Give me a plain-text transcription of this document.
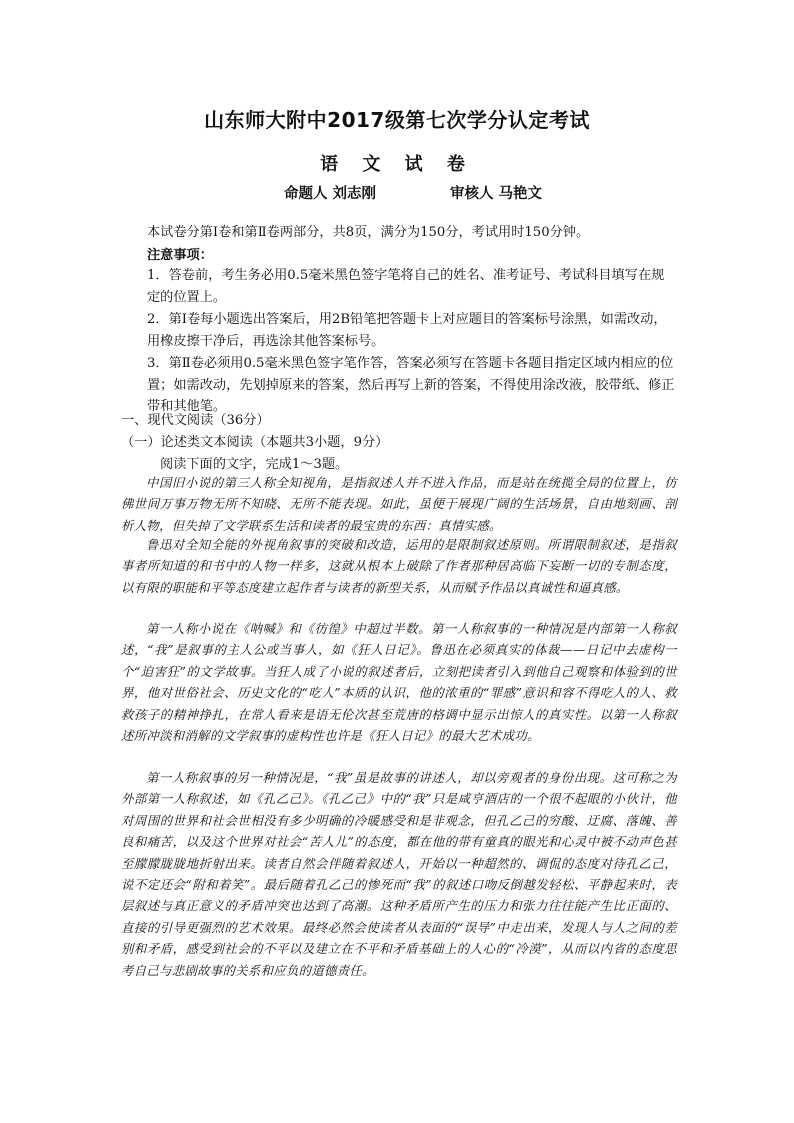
山东师大附中2017级第七次学分认定考试
语 文 试 卷
命题人 刘志刚	审核人 马艳文
本试卷分第Ⅰ卷和第Ⅱ卷两部分，共8页，满分为150分，考试用时150分钟。
注意事项：
1．答卷前，考生务必用0.5毫米黑色签字笔将自己的姓名、准考证号、考试科目填写在规定的位置上。
2．第Ⅰ卷每小题选出答案后，用2B铅笔把答题卡上对应题目的答案标号涂黑，如需改动，用橡皮擦干净后，再选涂其他答案标号。
3．第Ⅱ卷必须用0.5毫米黑色签字笔作答，答案必须写在答题卡各题目指定区域内相应的位置；如需改动，先划掉原来的答案，然后再写上新的答案，不得使用涂改液，胶带纸、修正带和其他笔。
一、现代文阅读（36分）
（一）论述类文本阅读（本题共3小题，9分）
阅读下面的文字，完成1～3题。
中国旧小说的第三人称全知视角，是指叙述人并不进入作品，而是站在统揽全局的位置上，仿佛世间万事万物无所不知晓、无所不能表现。如此，虽便于展现广阔的生活场景，自由地刻画、剖析人物，但失掉了文学联系生活和读者的最宝贵的东西：真情实感。
鲁迅对全知全能的外视角叙事的突破和改造，运用的是限制叙述原则。所谓限制叙述，是指叙事者所知道的和书中的人物一样多，这就从根本上破除了作者那种居高临下妄断一切的专制态度，以有限的职能和平等态度建立起作者与读者的新型关系，从而赋予作品以真诚性和逼真感。
第一人称小说在《呐喊》和《彷徨》中超过半数。第一人称叙事的一种情况是内部第一人称叙述，“我”是叙事的主人公或当事人，如《狂人日记》。鲁迅在必须真实的体裁——日记中去虚构一个“迫害狂”的文学故事。当狂人成了小说的叙述者后，立刻把读者引入到他自己观察和体验到的世界，他对世俗社会、历史文化的“吃人”本质的认识，他的浓重的“罪感”意识和容不得吃人的人、救救孩子的精神挣扎，在常人看来是语无伦次甚至荒唐的格调中显示出惊人的真实性。以第一人称叙述所冲淡和消解的文学叙事的虚构性也许是《狂人日记》的最大艺术成功。
第一人称叙事的另一种情况是，“我”虽是故事的讲述人，却以旁观者的身份出现。这可称之为外部第一人称叙述，如《孔乙己》。《孔乙己》中的“我”只是咸亨酒店的一个很不起眼的小伙计，他对周围的世界和社会世相没有多少明确的冷暖感受和是非观念，但孔乙己的穷酸、迂腐、落魄、善良和痛苦，以及这个世界对社会“苦人儿”的态度，都在他的带有童真的眼光和心灵中被不动声色甚至朦朦胧胧地折射出来。读者自然会伴随着叙述人，开始以一种超然的、调侃的态度对待孔乙己，说不定还会“附和着笑”。最后随着孔乙己的惨死而“我”的叙述口吻反倒越发轻松、平静起来时，表层叙述与真正意义的矛盾冲突也达到了高潮。这种矛盾所产生的压力和张力往往能产生比正面的、直接的引导更强烈的艺术效果。最终必然会使读者从表面的“误导”中走出来，发现人与人之间的差别和矛盾，感受到社会的不平以及建立在不平和矛盾基础上的人心的“冷漠”，从而以内省的态度思考自己与悲剧故事的关系和应负的道德责任。
